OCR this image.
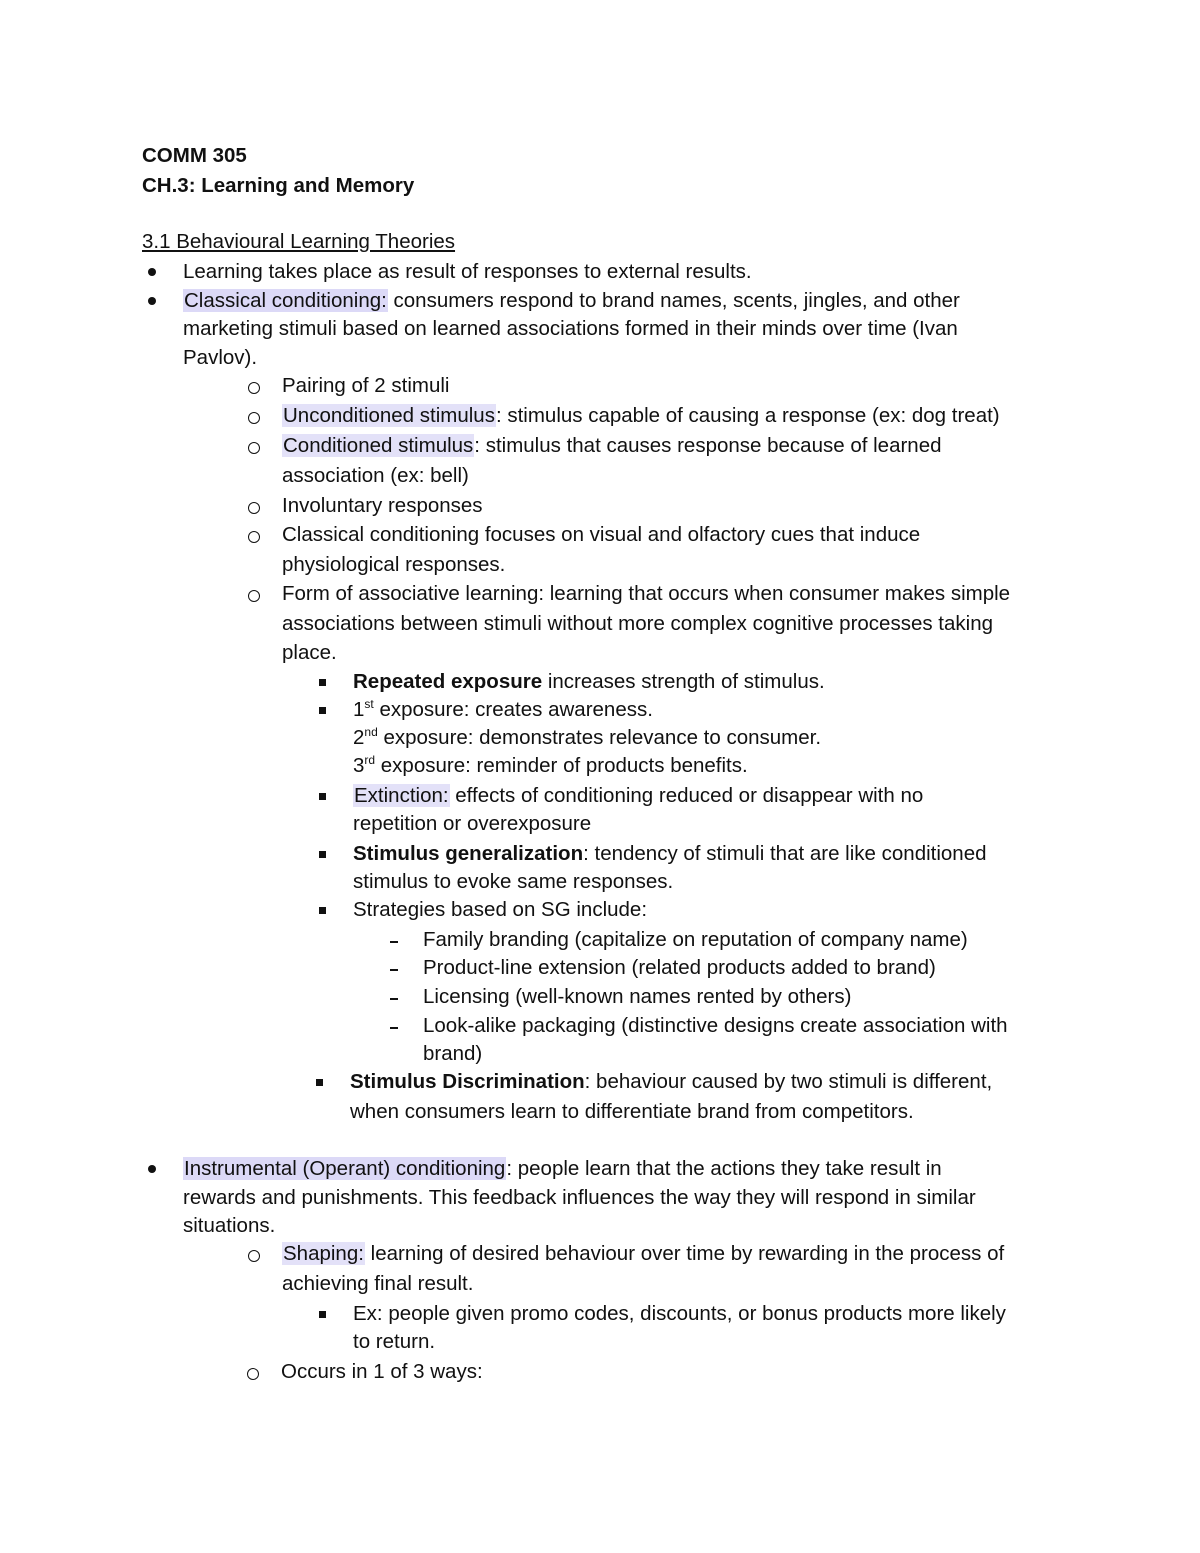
COMM 305
CH.3: Learning and Memory
3.1 Behavioural Learning Theories
Learning takes place as result of responses to external results.
Classical conditioning: consumers respond to brand names, scents, jingles, and other
marketing stimuli based on learned associations formed in their minds over time (Ivan
Pavlov).
Pairing of 2 stimuli
Unconditioned stimulus: stimulus capable of causing a response (ex: dog treat)
Conditioned stimulus: stimulus that causes response because of learned
association (ex: bell)
Involuntary responses
Classical conditioning focuses on visual and olfactory cues that induce
physiological responses.
Form of associative learning: learning that occurs when consumer makes simple
associations between stimuli without more complex cognitive processes taking
place.
Repeated exposure increases strength of stimulus.
1st exposure: creates awareness.
2nd exposure: demonstrates relevance to consumer.
3rd exposure: reminder of products benefits.
Extinction: effects of conditioning reduced or disappear with no
repetition or overexposure
Stimulus generalization: tendency of stimuli that are like conditioned
stimulus to evoke same responses.
Strategies based on SG include:
Family branding (capitalize on reputation of company name)
Product-line extension (related products added to brand)
Licensing (well-known names rented by others)
Look-alike packaging (distinctive designs create association with
brand)
Stimulus Discrimination: behaviour caused by two stimuli is different,
when consumers learn to differentiate brand from competitors.
Instrumental (Operant) conditioning: people learn that the actions they take result in
rewards and punishments. This feedback influences the way they will respond in similar
situations.
Shaping: learning of desired behaviour over time by rewarding in the process of
achieving final result.
Ex: people given promo codes, discounts, or bonus products more likely
to return.
Occurs in 1 of 3 ways:
